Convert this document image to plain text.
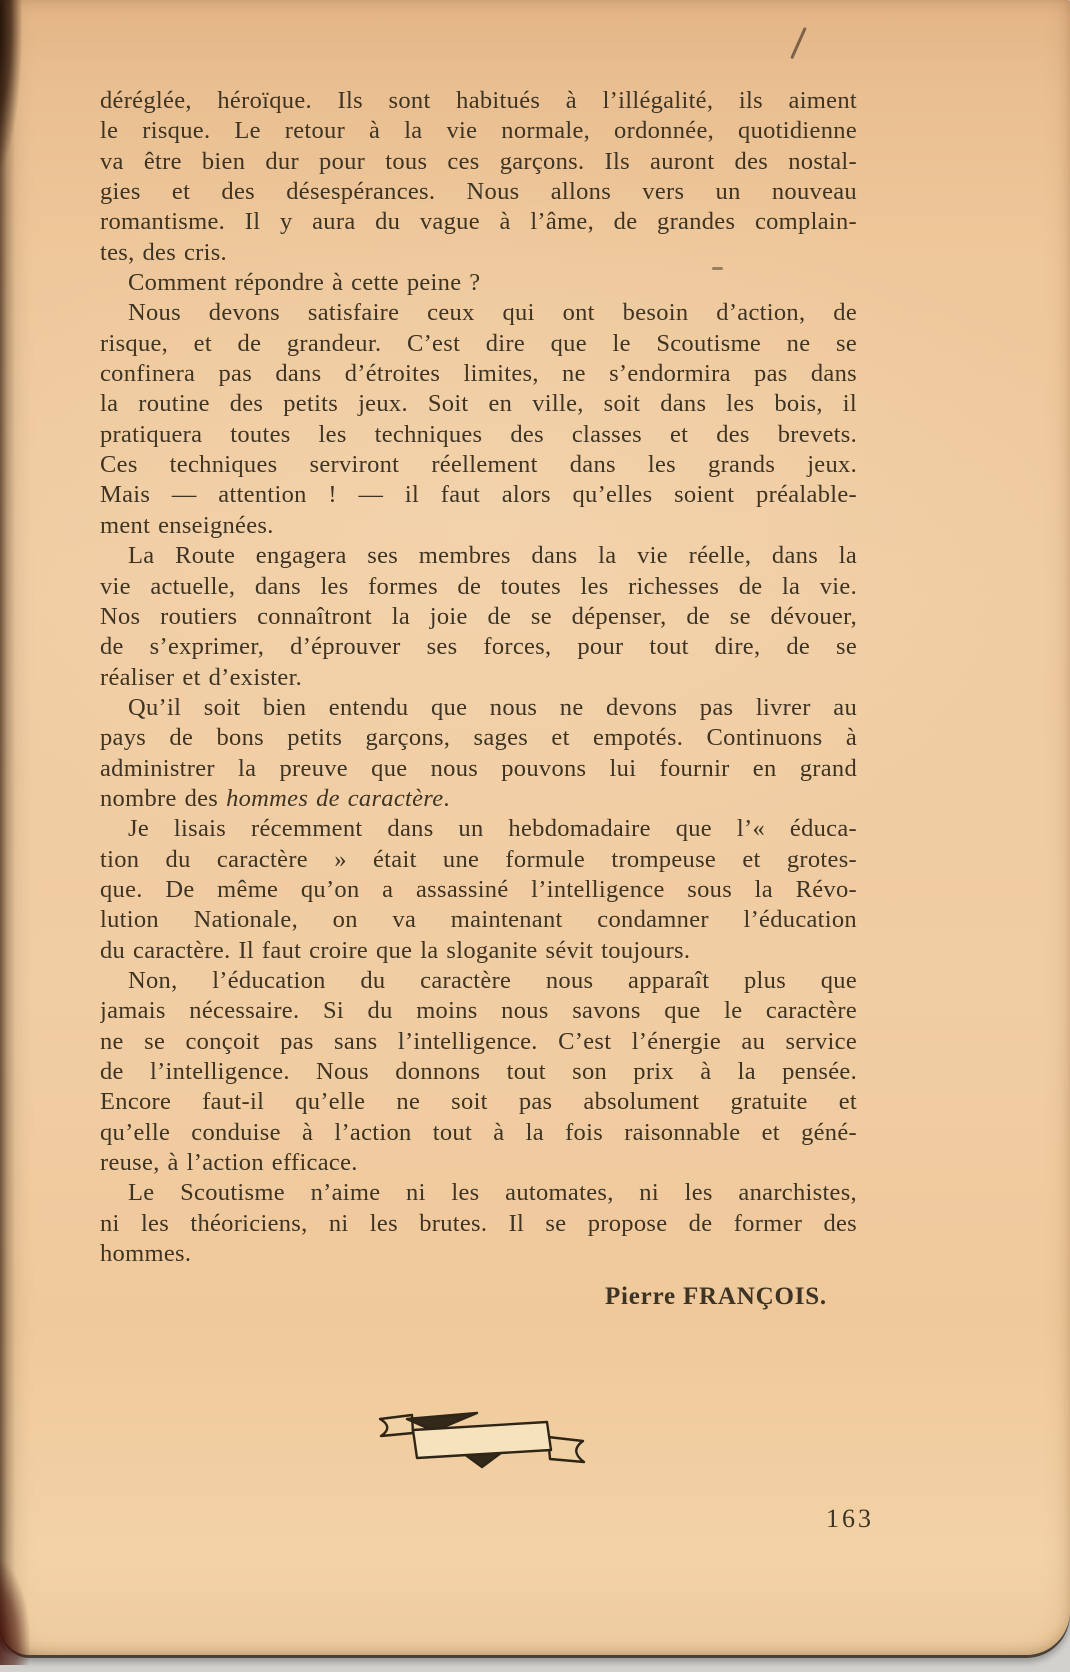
déréglée, héroïque. Ils sont habitués à l’illégalité, ils aiment
le risque. Le retour à la vie normale, ordonnée, quotidienne
va être bien dur pour tous ces garçons. Ils auront des nostal-
gies et des désespérances. Nous allons vers un nouveau
romantisme. Il y aura du vague à l’âme, de grandes complain-
tes, des cris.
Comment répondre à cette peine ?
Nous devons satisfaire ceux qui ont besoin d’action, de
risque, et de grandeur. C’est dire que le Scoutisme ne se
confinera pas dans d’étroites limites, ne s’endormira pas dans
la routine des petits jeux. Soit en ville, soit dans les bois, il
pratiquera toutes les techniques des classes et des brevets.
Ces techniques serviront réellement dans les grands jeux.
Mais — attention ! — il faut alors qu’elles soient préalable-
ment enseignées.
La Route engagera ses membres dans la vie réelle, dans la
vie actuelle, dans les formes de toutes les richesses de la vie.
Nos routiers connaîtront la joie de se dépenser, de se dévouer,
de s’exprimer, d’éprouver ses forces, pour tout dire, de se
réaliser et d’exister.
Qu’il soit bien entendu que nous ne devons pas livrer au
pays de bons petits garçons, sages et empotés. Continuons à
administrer la preuve que nous pouvons lui fournir en grand
nombre des hommes de caractère.
Je lisais récemment dans un hebdomadaire que l’« éduca-
tion du caractère » était une formule trompeuse et grotes-
que. De même qu’on a assassiné l’intelligence sous la Révo-
lution Nationale, on va maintenant condamner l’éducation
du caractère. Il faut croire que la sloganite sévit toujours.
Non, l’éducation du caractère nous apparaît plus que
jamais nécessaire. Si du moins nous savons que le caractère
ne se conçoit pas sans l’intelligence. C’est l’énergie au service
de l’intelligence. Nous donnons tout son prix à la pensée.
Encore faut-il qu’elle ne soit pas absolument gratuite et
qu’elle conduise à l’action tout à la fois raisonnable et géné-
reuse, à l’action efficace.
Le Scoutisme n’aime ni les automates, ni les anarchistes,
ni les théoriciens, ni les brutes. Il se propose de former des
hommes.
Pierre FRANÇOIS.
163
